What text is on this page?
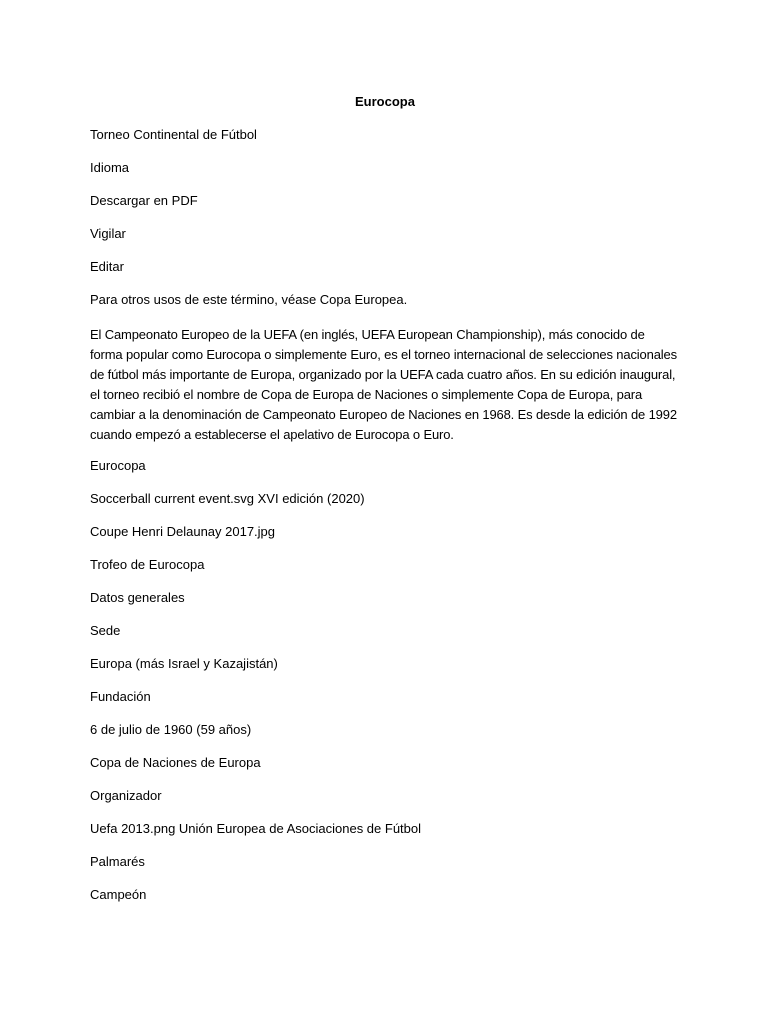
Eurocopa
Torneo Continental de Fútbol
Idioma
Descargar en PDF
Vigilar
Editar
Para otros usos de este término, véase Copa Europea.
El Campeonato Europeo de la UEFA (en inglés, UEFA European Championship), más conocido de forma popular como Eurocopa o simplemente Euro, es el torneo internacional de selecciones nacionales de fútbol más importante de Europa, organizado por la UEFA cada cuatro años. En su edición inaugural, el torneo recibió el nombre de Copa de Europa de Naciones o simplemente Copa de Europa, para cambiar a la denominación de Campeonato Europeo de Naciones en 1968. Es desde la edición de 1992 cuando empezó a establecerse el apelativo de Eurocopa o Euro.
Eurocopa
Soccerball current event.svg XVI edición (2020)
Coupe Henri Delaunay 2017.jpg
Trofeo de Eurocopa
Datos generales
Sede
Europa (más Israel y Kazajistán)
Fundación
6 de julio de 1960 (59 años)
Copa de Naciones de Europa
Organizador
Uefa 2013.png Unión Europea de Asociaciones de Fútbol
Palmarés
Campeón
